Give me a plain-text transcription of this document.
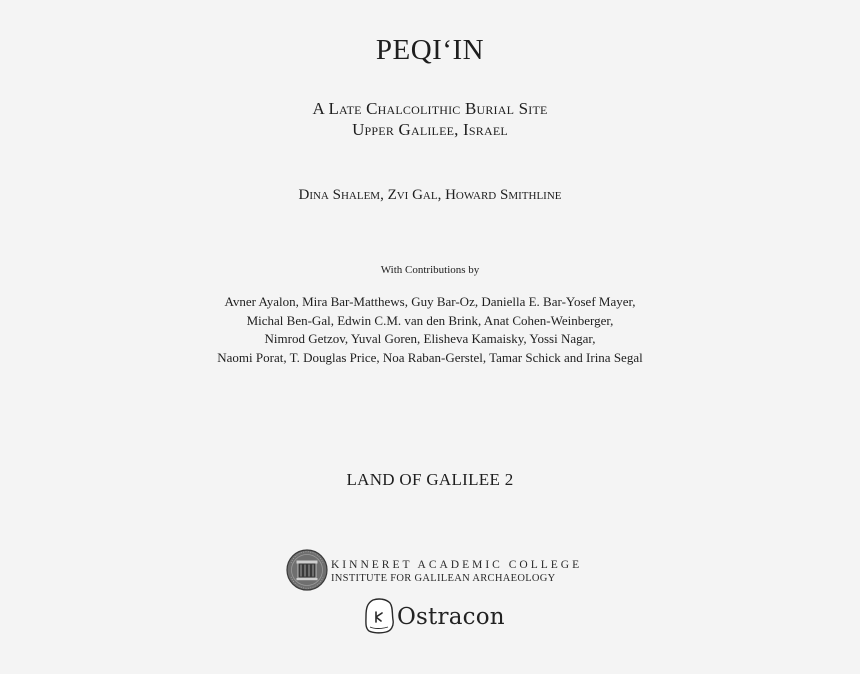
PEQI‘IN
A Late Chalcolithic Burial Site
Upper Galilee, Israel
Dina Shalem, Zvi Gal, Howard Smithline
With Contributions by
Avner Ayalon, Mira Bar-Matthews, Guy Bar-Oz, Daniella E. Bar-Yosef Mayer,
Michal Ben-Gal, Edwin C.M. van den Brink, Anat Cohen-Weinberger,
Nimrod Getzov, Yuval Goren, Elisheva Kamaisky, Yossi Nagar,
Naomi Porat, T. Douglas Price, Noa Raban-Gerstel, Tamar Schick and Irina Segal
LAND OF GALILEE 2
KINNERET ACADEMIC COLLEGE
INSTITUTE FOR GALILEAN ARCHAEOLOGY
Ostracon
